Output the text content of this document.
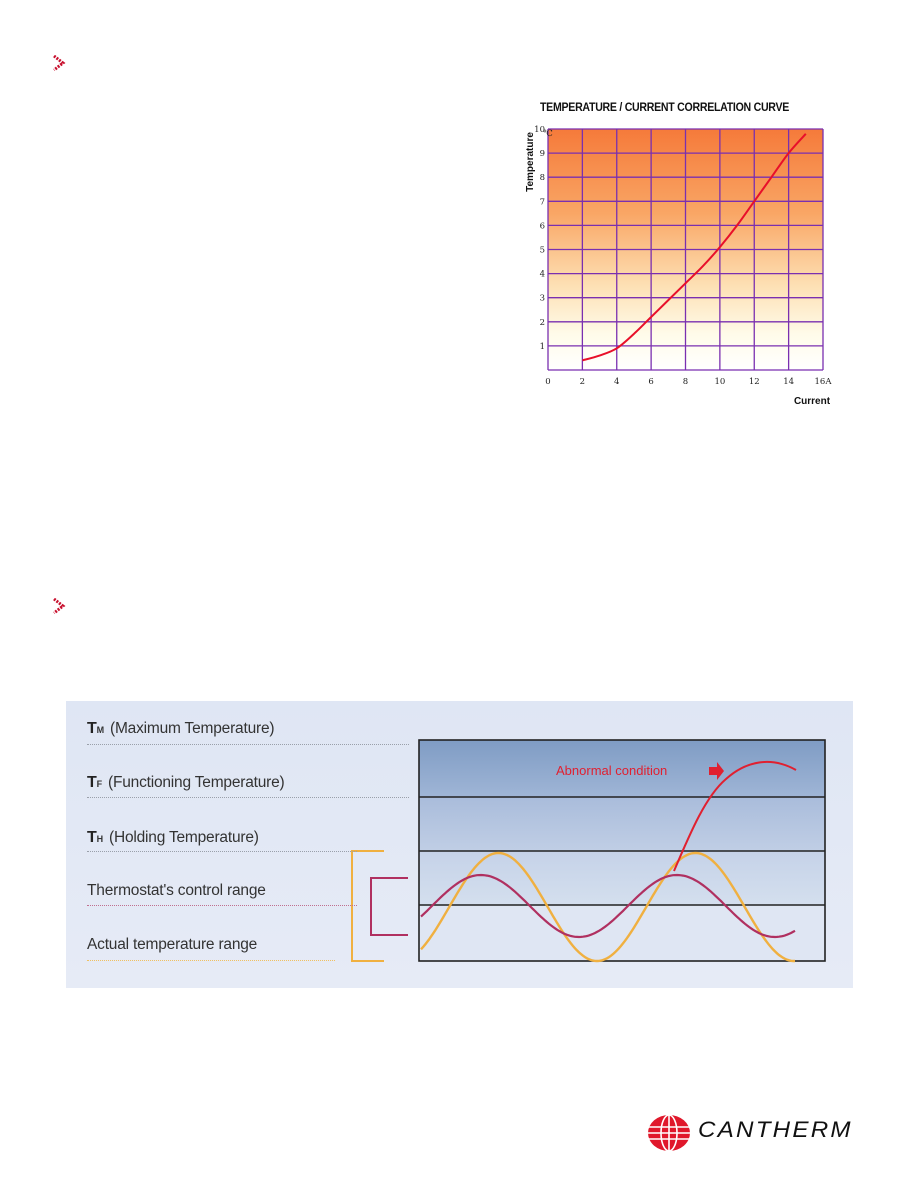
TEMPERATURE / CURRENT CORRELATION CURVE
0	2	4	6	8	10	12	14 16A
1
2
3
4
5
6
7
8
9
10
℃
Temperature
Current
TM (Maximum Temperature)
TF (Functioning Temperature)
TH (Holding Temperature)
Thermostat's control range
Actual temperature range
Abnormal condition
CANTHERM
